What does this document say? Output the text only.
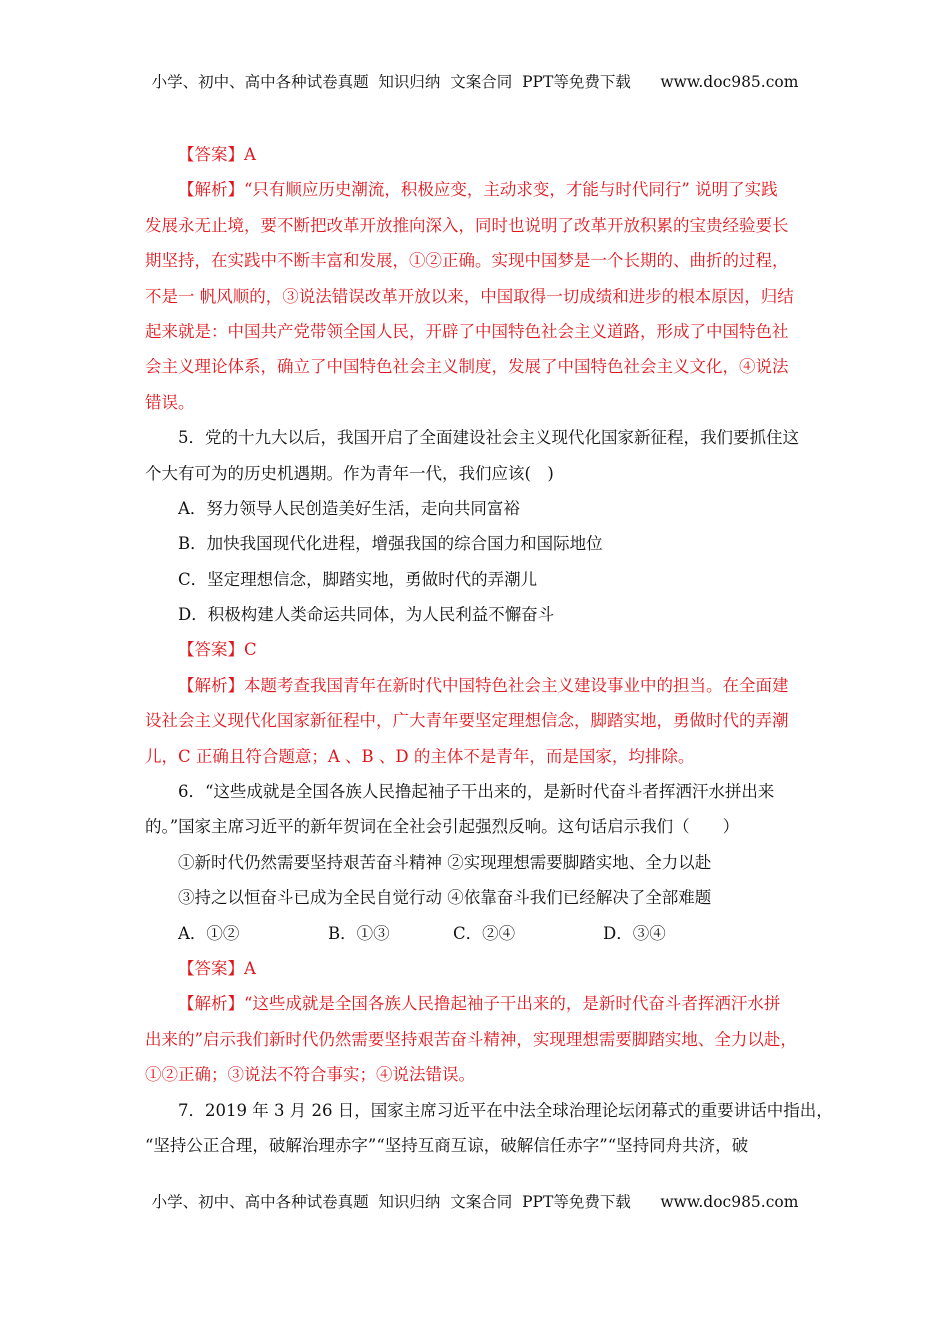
小学、初中、高中各种试卷真题  知识归纳  文案合同  PPT等免费下载      www.doc985.com
【答案】A
【解析】“只有顺应历史潮流，积极应变，主动求变，才能与时代同行” 说明了实践
发展永无止境，要不断把改革开放推向深入，同时也说明了改革开放积累的宝贵经验要长
期坚持，在实践中不断丰富和发展，①②正确。实现中国梦是一个长期的、曲折的过程，
不是一 帆风顺的，③说法错误改革开放以来，中国取得一切成绩和进步的根本原因，归结
起来就是：中国共产党带领全国人民，开辟了中国特色社会主义道路，形成了中国特色社
会主义理论体系，确立了中国特色社会主义制度，发展了中国特色社会主义文化，④说法
错误。
5．党的十九大以后，我国开启了全面建设社会主义现代化国家新征程，我们要抓住这
个大有可为的历史机遇期。作为青年一代，我们应该(　)
A．努力领导人民创造美好生活，走向共同富裕
B．加快我国现代化进程，增强我国的综合国力和国际地位
C．坚定理想信念，脚踏实地，勇做时代的弄潮儿
D．积极构建人类命运共同体，为人民利益不懈奋斗
【答案】C
【解析】本题考查我国青年在新时代中国特色社会主义建设事业中的担当。在全面建
设社会主义现代化国家新征程中，广大青年要坚定理想信念，脚踏实地，勇做时代的弄潮
儿，C 正确且符合题意；A 、B 、D 的主体不是青年，而是国家，均排除。
6．“这些成就是全国各族人民撸起袖子干出来的，是新时代奋斗者挥洒汗水拼出来
的。”国家主席习近平的新年贺词在全社会引起强烈反响。这句话启示我们（　　）
①新时代仍然需要坚持艰苦奋斗精神 ②实现理想需要脚踏实地、全力以赴
③持之以恒奋斗已成为全民自觉行动 ④依靠奋斗我们已经解决了全部难题
A．①②	B．①③	C．②④	D．③④
【答案】A
【解析】“这些成就是全国各族人民撸起袖子干出来的，是新时代奋斗者挥洒汗水拼
出来的”启示我们新时代仍然需要坚持艰苦奋斗精神，实现理想需要脚踏实地、全力以赴，
①②正确；③说法不符合事实；④说法错误。
7．2019 年 3 月 26 日，国家主席习近平在中法全球治理论坛闭幕式的重要讲话中指出，
“坚持公正合理，破解治理赤字”“坚持互商互谅，破解信任赤字”“坚持同舟共济，破
小学、初中、高中各种试卷真题  知识归纳  文案合同  PPT等免费下载      www.doc985.com
